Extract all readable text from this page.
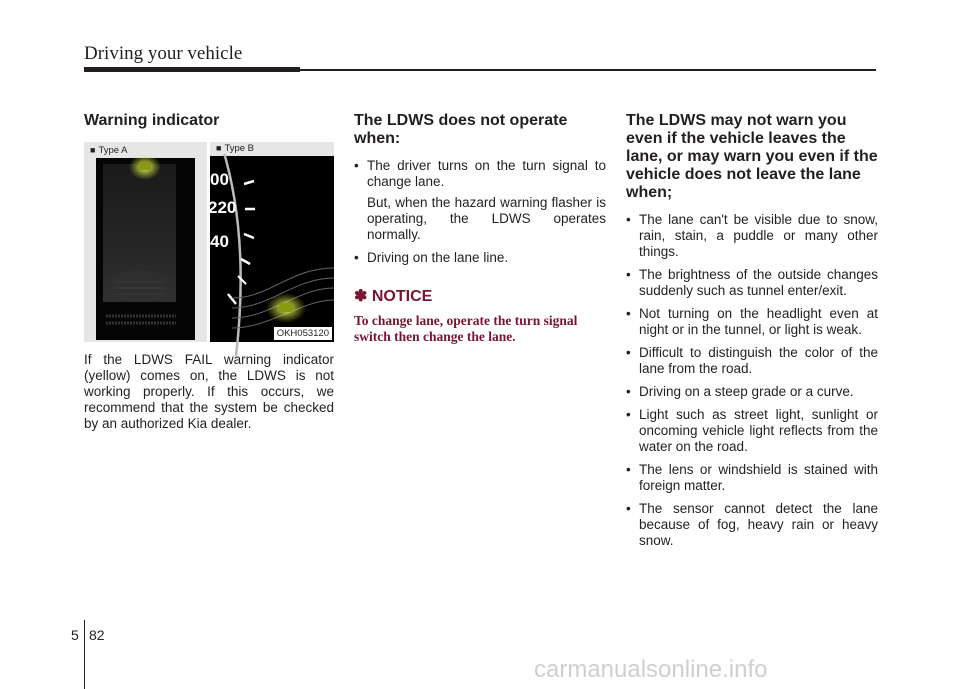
Driving your vehicle
Warning indicator
■ Type A
00
220
40
■ Type B
OKH053120

If the LDWS FAIL warning indicator (yellow) comes on, the LDWS is not working properly. If this occurs, we recommend that the system be checked by an authorized Kia dealer.

The LDWS does not operate when:
• The driver turns on the turn signal to change lane.
But, when the hazard warning flasher is operating, the LDWS operates normally.
• Driving on the lane line.
✽ NOTICE
To change lane, operate the turn signal switch then change the lane.
The LDWS may not warn you even if the vehicle leaves the lane, or may warn you even if the vehicle does not leave the lane when;
• The lane can't be visible due to snow, rain, stain, a puddle or many other things.
• The brightness of the outside changes suddenly such as tunnel enter/exit.
• Not turning on the headlight even at night or in the tunnel, or light is weak.
• Difficult to distinguish the color of the lane from the road.
• Driving on a steep grade or a curve.
• Light such as street light, sunlight or oncoming vehicle light reflects from the water on the road.
• The lens or windshield is stained with foreign matter.
• The sensor cannot detect the lane because of fog, heavy rain or heavy snow.
5 82
carmanualsonline.info
